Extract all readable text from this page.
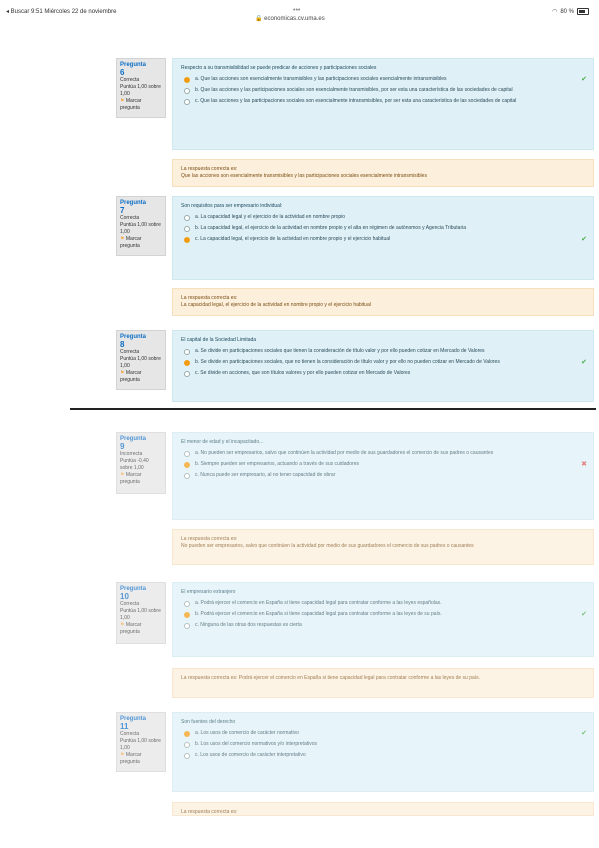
◂ Buscar 9:51 Miércoles 22 de noviembre	•••
🔒 economicas.cv.uma.es
◠ 80 %
Pregunta
6
Correcta
Puntúa 1,00 sobre 1,00
⚑ Marcar pregunta
Respecto a su transmisibilidad se puede predicar de acciones y participaciones sociales
a. Que las acciones son esencialmente transmisibles y las participaciones sociales esencialmente intransmisibles	✔
b. Que las acciones y las participaciones sociales son esencialmente transmisibles, por ser esta una característica de las sociedades de capital
c. Que las acciones y las participaciones sociales son esencialmente intransmisibles, por ser esta una característica de las sociedades de capital
La respuesta correcta es:
Que las acciones son esencialmente transmisibles y las participaciones sociales esencialmente intransmisibles
Pregunta
7
Correcta
Puntúa 1,00 sobre 1,00
⚑ Marcar pregunta
Son requisitos para ser empresario individual:
a. La capacidad legal y el ejercicio de la actividad en nombre propio
b. La capacidad legal, el ejercicio de la actividad en nombre propio y el alta en régimen de autónomos y Agencia Tributaria
c. La capacidad legal, el ejercicio de la actividad en nombre propio y el ejercicio habitual	✔
La respuesta correcta es:
La capacidad legal, el ejercicio de la actividad en nombre propio y el ejercicio habitual
Pregunta
8
Correcta
Puntúa 1,00 sobre 1,00
⚑ Marcar pregunta
El capital de la Sociedad Limitada
a. Se divide en participaciones sociales que tienen la consideración de título valor y por ello pueden cotizar en Mercado de Valores
b. Se divide en participaciones sociales, que no tienen la consideración de título valor y por ello no pueden cotizar en Mercado de Valores	✔
c. Se divide en acciones, que son títulos valores y por ello pueden cotizar en Mercado de Valores
Pregunta
9
Incorrecta
Puntúa -0,40 sobre 1,00
⚑ Marcar pregunta
El menor de edad y el incapacitado...
a. No pueden ser empresarios, salvo que continúen la actividad por medio de sus guardadores el comercio de sus padres o causantes
b. Siempre pueden ser empresarios, actuando a través de sus cuidadores	✖
c. Nunca puede ser empresario, al no tener capacidad de obrar
La respuesta correcta es:
No pueden ser empresarios, salvo que continúen la actividad por medio de sus guardadores el comercio de sus padres o causantes
Pregunta
10
Correcta
Puntúa 1,00 sobre 1,00
⚑ Marcar pregunta
El empresario extranjero
a. Podrá ejercer el comercio en España si tiene capacidad legal para contratar conforme a las leyes españolas.
b. Podrá ejercer el comercio en España si tiene capacidad legal para contratar conforme a las leyes de su país.	✔
c. Ninguna de las otras dos respuestas es cierta
La respuesta correcta es: Podrá ejercer el comercio en España si tiene capacidad legal para contratar conforme a las leyes de su país.
Pregunta
11
Correcta
Puntúa 1,00 sobre 1,00
⚑ Marcar pregunta
Son fuentes del derecho
a. Los usos de comercio de carácter normativo	✔
b. Los usos del comercio normativos y/o interpretativos
c. Los usos de comercio de carácter interpretativo
La respuesta correcta es:
